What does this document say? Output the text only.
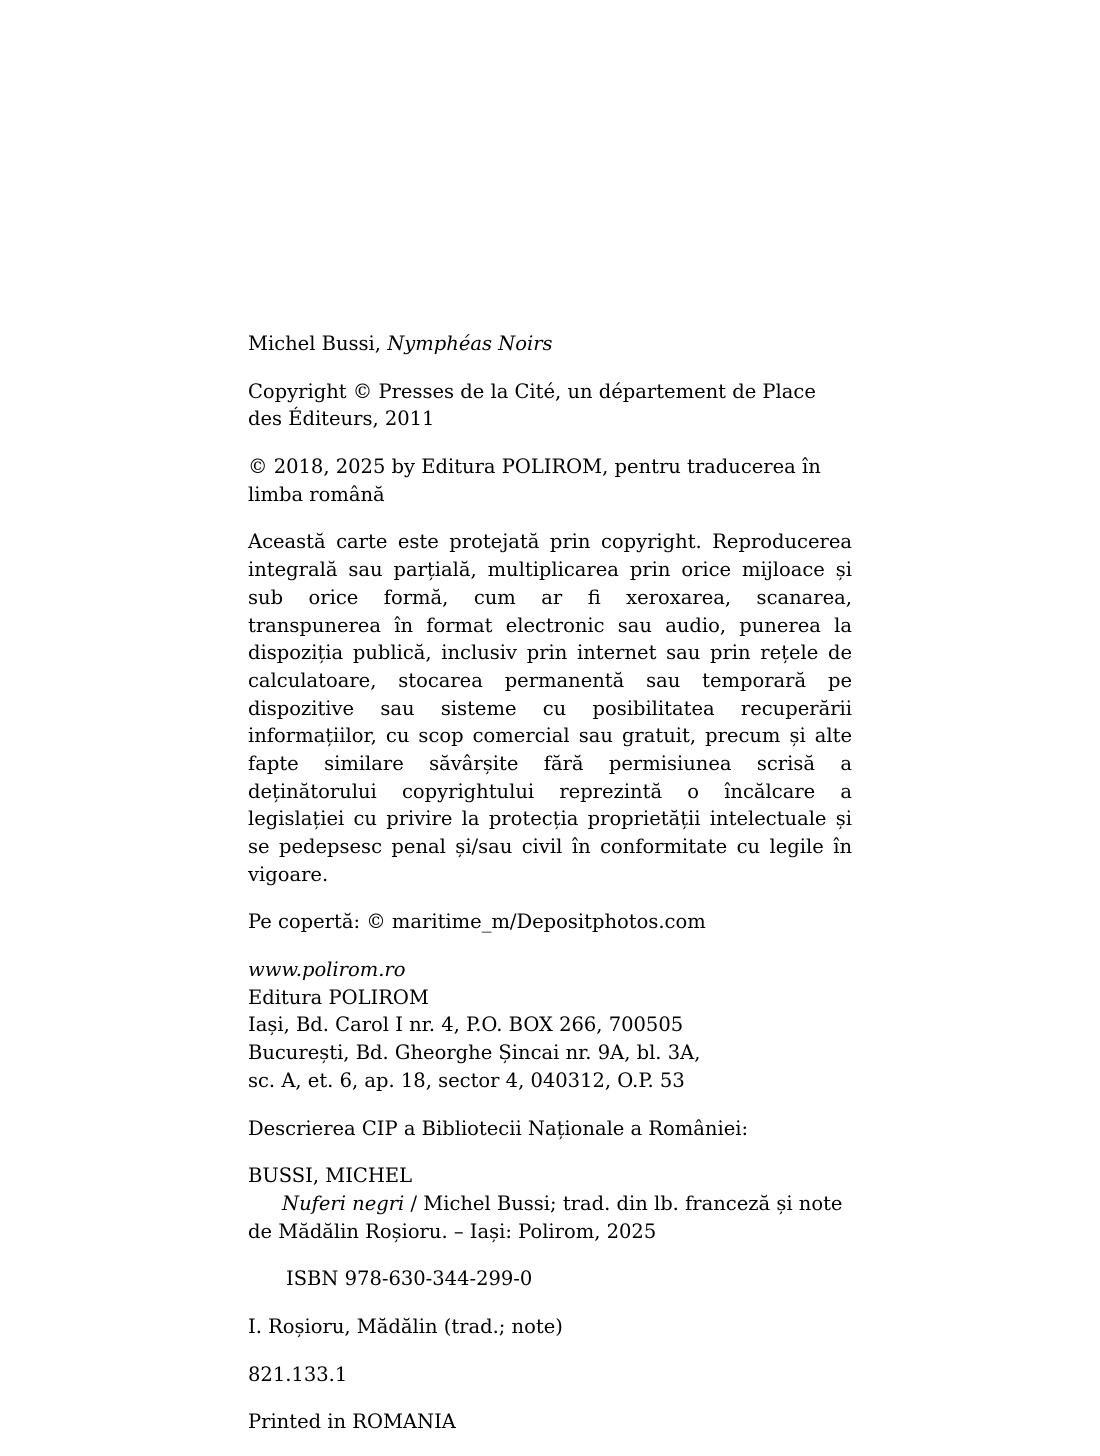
Michel Bussi, Nymphéas Noirs

Copyright © Presses de la Cité, un département de Place des Éditeurs, 2011

© 2018, 2025 by Editura POLIROM, pentru traducerea în limba română

Această carte este protejată prin copyright. Reproducerea integrală sau parțială, multiplicarea prin orice mijloace și sub orice formă, cum ar fi xeroxarea, scanarea, transpunerea în format electronic sau audio, punerea la dispoziția publică, inclusiv prin internet sau prin rețele de calculatoare, stocarea permanentă sau temporară pe dispozitive sau sisteme cu posibilitatea recuperării informațiilor, cu scop comercial sau gratuit, precum și alte fapte similare săvârșite fără permisiunea scrisă a deținătorului copyrightului reprezintă o încălcare a legislației cu privire la protecția proprietății intelectuale și se pedepsesc penal și/sau civil în conformitate cu legile în vigoare.

Pe copertă: © maritime_m/Depositphotos.com

www.polirom.ro

Editura POLIROM
Iași, Bd. Carol I nr. 4, P.O. BOX 266, 700505
București, Bd. Gheorghe Șincai nr. 9A, bl. 3A,
sc. A, et. 6, ap. 18, sector 4, 040312, O.P. 53

Descrierea CIP a Bibliotecii Naționale a României:

BUSSI, MICHEL

Nuferi negri / Michel Bussi; trad. din lb. franceză și note de Mădălin Roșioru. – Iași: Polirom, 2025

ISBN 978-630-344-299-0

I. Roșioru, Mădălin (trad.; note)

821.133.1

Printed in ROMANIA
